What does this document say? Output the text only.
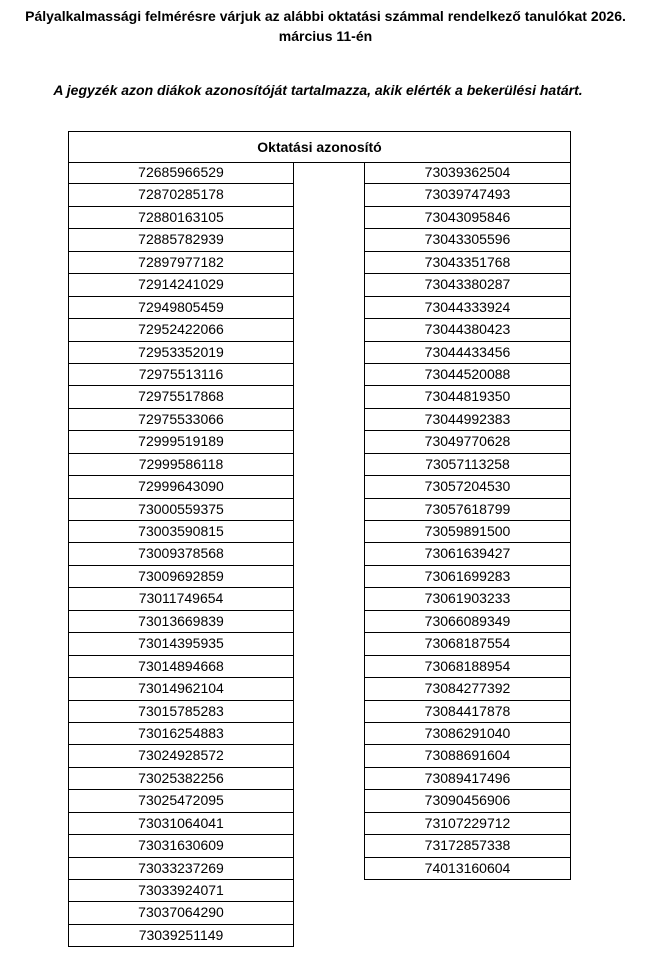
Pályalkalmassági felmérésre várjuk az alábbi oktatási számmal rendelkező tanulókat 2026.
március 11-én
A jegyzék azon diákok azonosítóját tartalmazza, akik elérték a bekerülési határt.
Oktatási azonosító
72685966529
72870285178
72880163105
72885782939
72897977182
72914241029
72949805459
72952422066
72953352019
72975513116
72975517868
72975533066
72999519189
72999586118
72999643090
73000559375
73003590815
73009378568
73009692859
73011749654
73013669839
73014395935
73014894668
73014962104
73015785283
73016254883
73024928572
73025382256
73025472095
73031064041
73031630609
73033237269
73033924071
73037064290
73039251149
73039362504
73039747493
73043095846
73043305596
73043351768
73043380287
73044333924
73044380423
73044433456
73044520088
73044819350
73044992383
73049770628
73057113258
73057204530
73057618799
73059891500
73061639427
73061699283
73061903233
73066089349
73068187554
73068188954
73084277392
73084417878
73086291040
73088691604
73089417496
73090456906
73107229712
73172857338
74013160604
